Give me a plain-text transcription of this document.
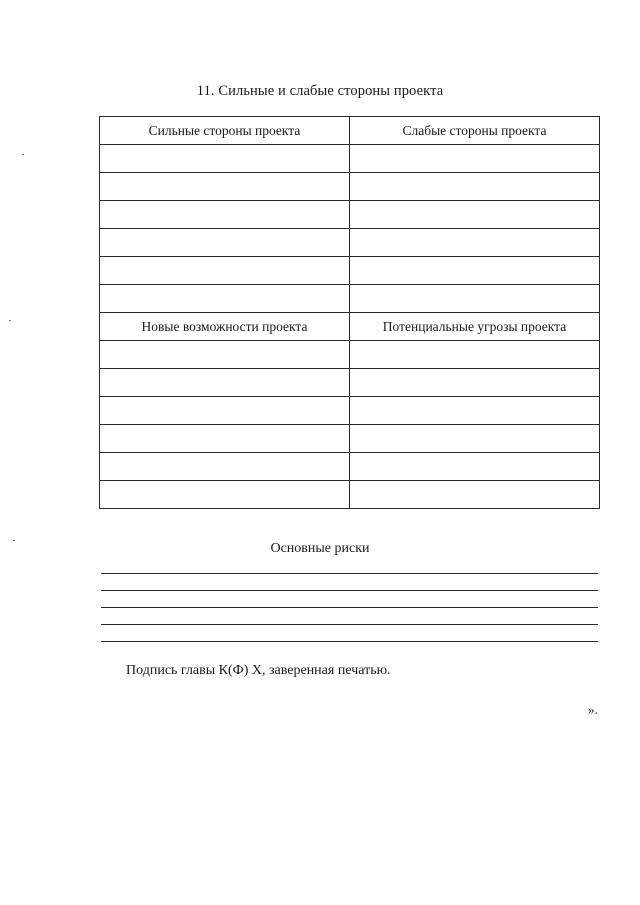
11. Сильные и слабые стороны проекта
Сильные стороны проекта	Слабые стороны проекта

Новые возможности проекта	Потенциальные угрозы проекта

Основные риски
Подпись главы К(Ф) Х, заверенная печатью.
».
